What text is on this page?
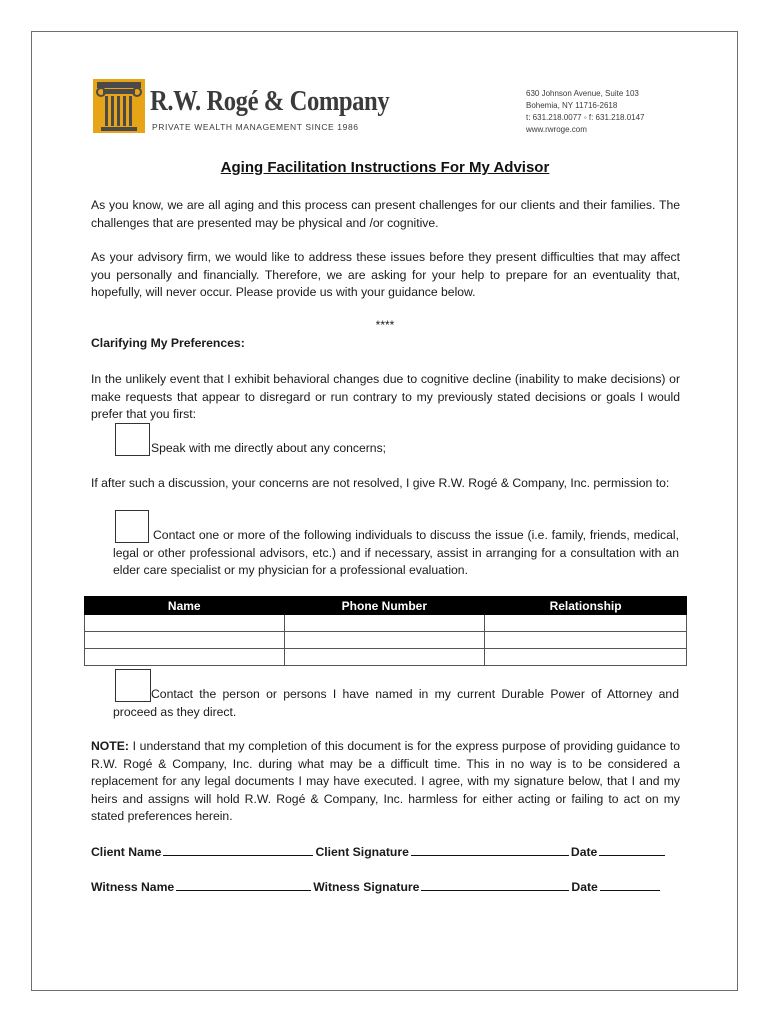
R.W. Rogé & Company
PRIVATE WEALTH MANAGEMENT SINCE 1986
630 Johnson Avenue, Suite 103
Bohemia, NY 11716-2618
t: 631.218.0077 ◦ f: 631.218.0147
www.rwroge.com
Aging Facilitation Instructions For My Advisor
As you know, we are all aging and this process can present challenges for our clients and their families. The challenges that are presented may be physical and /or cognitive.
As your advisory firm, we would like to address these issues before they present difficulties that may affect you personally and financially. Therefore, we are asking for your help to prepare for an eventuality that, hopefully, will never occur. Please provide us with your guidance below.
****
Clarifying My Preferences:
In the unlikely event that I exhibit behavioral changes due to cognitive decline (inability to make decisions) or make requests that appear to disregard or run contrary to my previously stated decisions or goals I would prefer that you first:
Speak with me directly about any concerns;
If after such a discussion, your concerns are not resolved, I give R.W. Rogé & Company, Inc. permission to:
Contact one or more of the following individuals to discuss the issue (i.e. family, friends, medical, legal or other professional advisors, etc.) and if necessary, assist in arranging for a consultation with an elder care specialist or my physician for a professional evaluation.
Name	Phone Number	Relationship

Contact the person or persons I have named in my current Durable Power of Attorney and proceed as they direct.
NOTE: I understand that my completion of this document is for the express purpose of providing guidance to R.W. Rogé & Company, Inc. during what may be a difficult time. This in no way is to be considered a replacement for any legal documents I may have executed. I agree, with my signature below, that I and my heirs and assigns will hold R.W. Rogé & Company, Inc. harmless for either acting or failing to act on my stated preferences herein.
Client Name	Client Signature	Date
Witness Name	Witness Signature	Date
